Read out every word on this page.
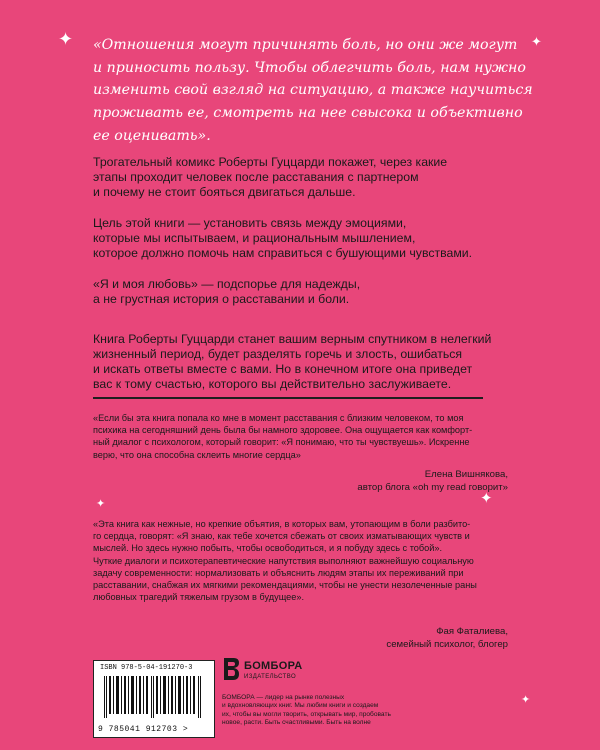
✦	✦
✦
✦
✦
«Отношения могут причинять боль, но они же могут
и приносить пользу. Чтобы облегчить боль, нам нужно
изменить свой взгляд на ситуацию, а также научиться
проживать ее, смотреть на нее свысока и объективно
ее оценивать».

Трогательный комикс Роберты Гуццарди покажет, через какие
этапы проходит человек после расставания с партнером
и почему не стоит бояться двигаться дальше.

Цель этой книги — установить связь между эмоциями,
которые мы испытываем, и рациональным мышлением,
которое должно помочь нам справиться с бушующими чувствами.

«Я и моя любовь» — подспорье для надежды,
а не грустная история о расставании и боли.

Книга Роберты Гуццарди станет вашим верным спутником в нелегкий
жизненный период, будет разделять горечь и злость, ошибаться
и искать ответы вместе с вами. Но в конечном итоге она приведет
вас к тому счастью, которого вы действительно заслуживаете.
«Если бы эта книга попала ко мне в момент расставания с близким человеком, то моя
психика на сегодняшний день была бы намного здоровее. Она ощущается как комфорт-
ный диалог с психологом, который говорит: «Я понимаю, что ты чувствуешь». Искренне
верю, что она способна склеить многие сердца»
Елена Вишнякова,
автор блога «oh my read говорит»
«Эта книга как нежные, но крепкие объятия, в которых вам, утопающим в боли разбито-
го сердца, говорят: «Я знаю, как тебе хочется сбежать от своих изматывающих чувств и
мыслей. Но здесь нужно побыть, чтобы освободиться, и я побуду здесь с тобой».
Чуткие диалоги и психотерапевтические напутствия выполняют важнейшую социальную
задачу современности: нормализовать и объяснить людям этапы их переживаний при
расставании, снабжая их мягкими рекомендациями, чтобы не унести незолеченные раны
любовных трагедий тяжелым грузом в будущее».
Фая Фаталиева,
семейный психолог, блогер
ISBN 978-5-04-191270-3
9 785041 912703 >
БОМБОРА
ИЗДАТЕЛЬСТВО
БОМБОРА — лидер на рынке полезных
и вдохновляющих книг. Мы любим книги и создаем
их, чтобы вы могли творить, открывать мир, пробовать
новое, расти. Быть счастливыми. Быть на волне
